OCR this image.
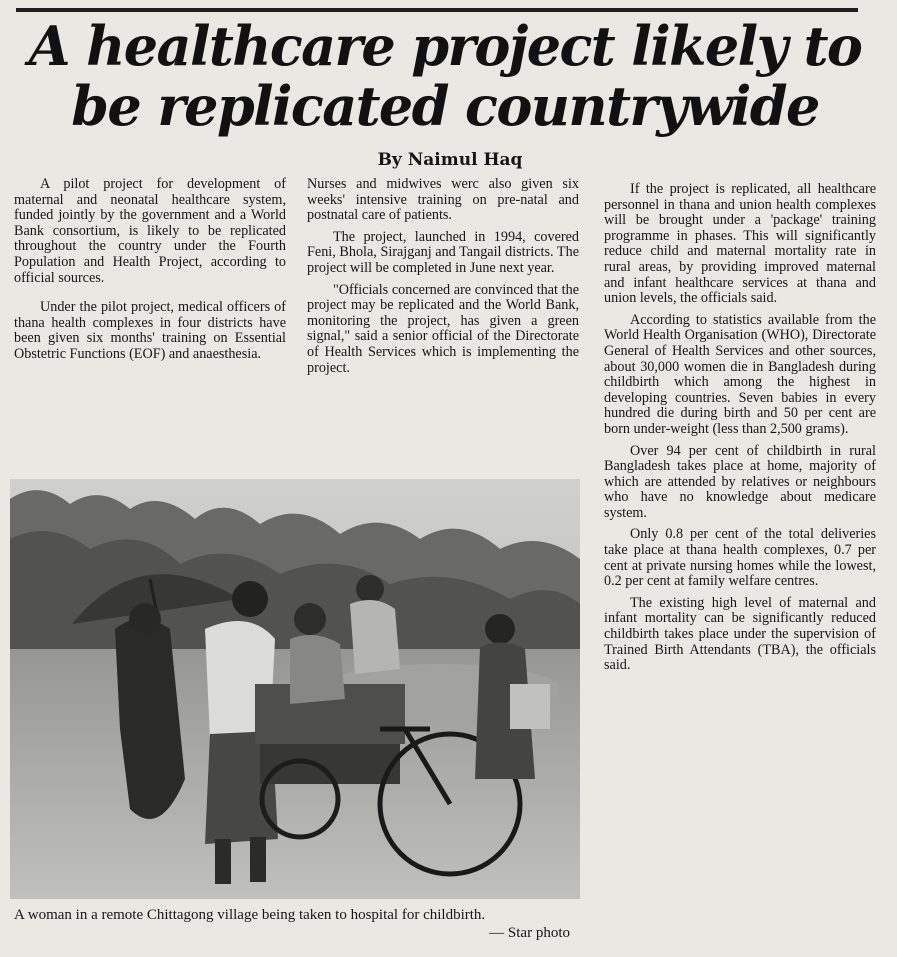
A healthcare project likely to
be replicated countrywide
By Naimul Haq

A pilot project for development of maternal and neonatal healthcare system, funded jointly by the government and a World Bank consortium, is likely to be replicated throughout the country under the Fourth Population and Health Project, according to official sources.

Under the pilot project, medical officers of thana health complexes in four districts have been given six months' training on Essential Obstetric Functions (EOF) and anaesthesia.

Nurses and midwives werc also given six weeks' intensive training on pre-natal and postnatal care of patients.

The project, launched in 1994, covered Feni, Bhola, Sirajganj and Tangail districts. The project will be completed in June next year.

"Officials concerned are convinced that the project may be replicated and the World Bank, monitoring the project, has given a green signal," said a senior official of the Directorate of Health Services which is implementing the project.

If the project is replicated, all healthcare personnel in thana and union health complexes will be brought under a 'package' training programme in phases. This will significantly reduce child and maternal mortality rate in rural areas, by providing improved maternal and infant healthcare services at thana and union levels, the officials said.

According to statistics available from the World Health Organisation (WHO), Directorate General of Health Services and other sources, about 30,000 women die in Bangladesh during childbirth which among the highest in developing countries. Seven babies in every hundred die during birth and 50 per cent are born under-weight (less than 2,500 grams).

Over 94 per cent of childbirth in rural Bangladesh takes place at home, majority of which are attended by relatives or neighbours who have no knowledge about medicare system.

Only 0.8 per cent of the total deliveries take place at thana health complexes, 0.7 per cent at private nursing homes while the lowest, 0.2 per cent at family welfare centres.

The existing high level of maternal and infant mortality can be significantly reduced childbirth takes place under the supervision of Trained Birth Attendants (TBA), the officials said.

A woman in a remote Chittagong village being taken to hospital for childbirth.
— Star photo
